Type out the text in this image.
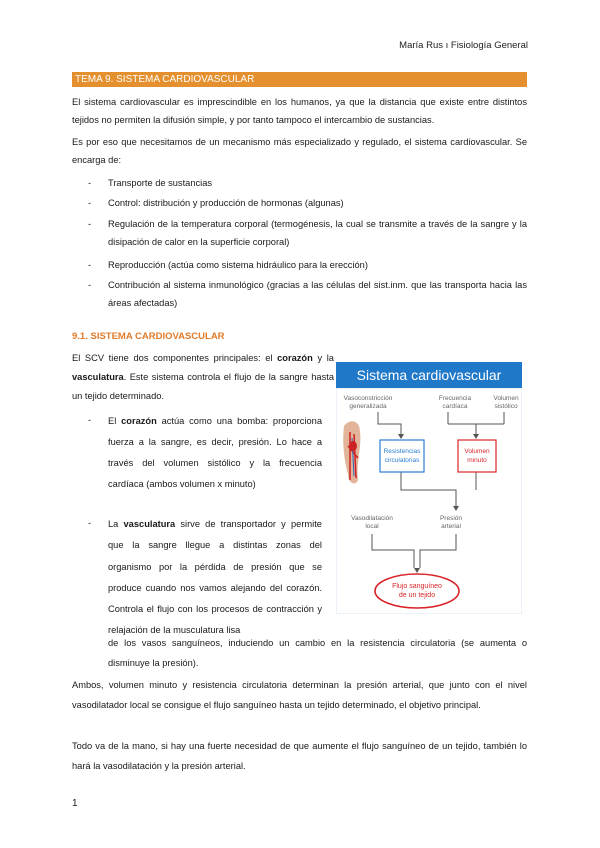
María Rus ı Fisiología General
TEMA 9. SISTEMA CARDIOVASCULAR

El sistema cardiovascular es imprescindible en los humanos, ya que la distancia que existe entre distintos tejidos no permiten la difusión simple, y por tanto tampoco el intercambio de sustancias.

Es por eso que necesitamos de un mecanismo más especializado y regulado, el sistema cardiovascular. Se encarga de:

- Transporte de sustancias

- Control: distribución y producción de hormonas (algunas)

- Regulación de la temperatura corporal (termogénesis, la cual se transmite a través de la sangre y la disipación de calor en la superficie corporal)

- Reproducción (actúa como sistema hidráulico para la erección)

- Contribución al sistema inmunológico (gracias a las células del sist.inm. que las transporta hacia las áreas afectadas)

9.1. SISTEMA CARDIOVASCULAR

El SCV tiene dos componentes principales: el corazón y la vasculatura. Este sistema controla el flujo de la sangre hasta un tejido determinado.

- El corazón actúa como una bomba: proporciona fuerza a la sangre, es decir, presión. Lo hace a través del volumen sistólico y la frecuencia cardíaca (ambos volumen x minuto)

- La vasculatura sirve de transportador y permite que la sangre llegue a distintas zonas del organismo por la pérdida de presión que se produce cuando nos vamos alejando del corazón. Controla el flujo con los procesos de contracción y relajación de la musculatura lisa

de los vasos sanguíneos, induciendo un cambio en la resistencia circulatoria (se aumenta o disminuye la presión).

Ambos, volumen minuto y resistencia circulatoria determinan la presión arterial, que junto con el nivel vasodilatador local se consigue el flujo sanguíneo hasta un tejido determinado, el objetivo principal.

Todo va de la mano, si hay una fuerte necesidad de que aumente el flujo sanguíneo de un tejido, también lo hará la vasodilatación y la presión arterial.

Sistema cardiovascular
Vasoconstricción
generalizada
Frecuencia
cardíaca
Volumen
sistólico
Vasodilatación
local
Presión
arterial
Resistencias
circulatorias
Volumen
minuto
Flujo sanguíneo
de un tejido
1
